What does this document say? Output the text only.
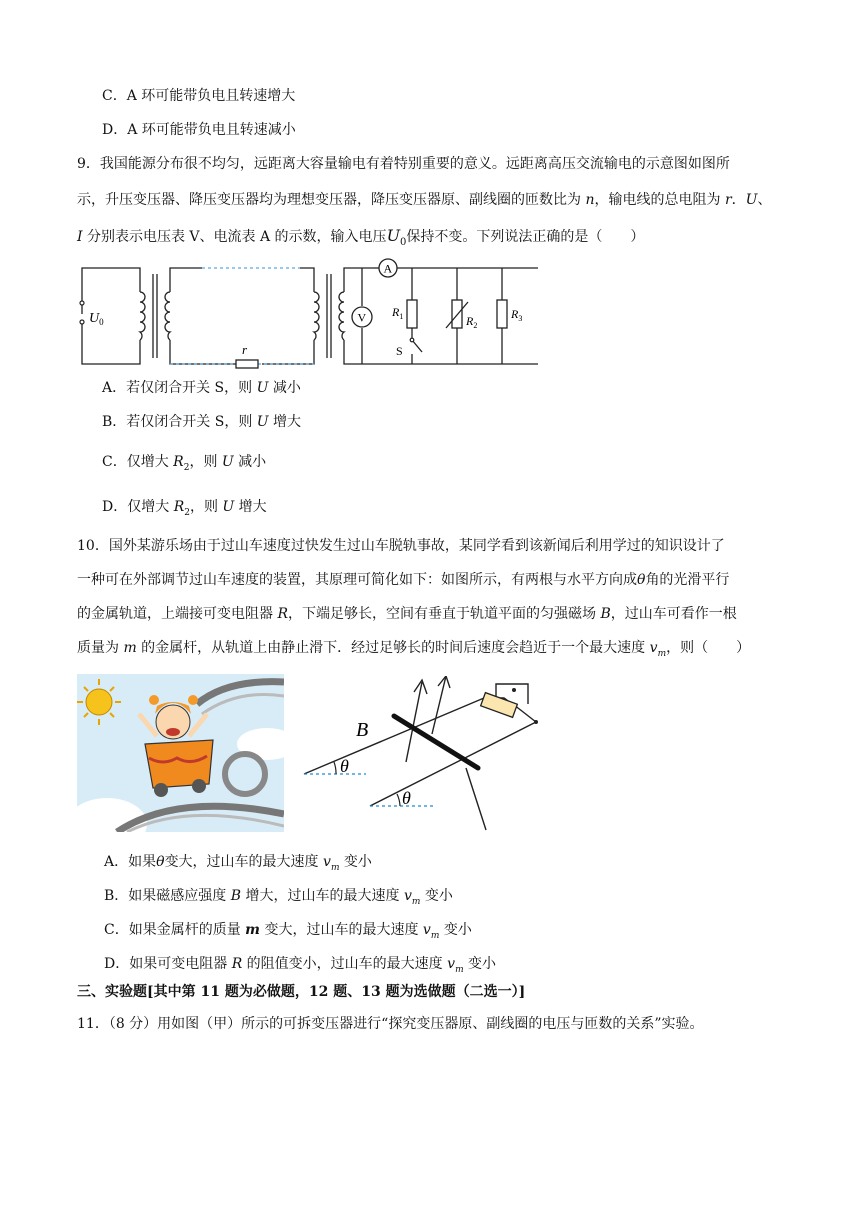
C．A 环可能带负电且转速增大
D．A 环可能带负电且转速减小
9．我国能源分布很不均匀，远距离大容量输电有着特别重要的意义。远距离高压交流输电的示意图如图所
示，升压变压器、降压变压器均为理想变压器，降压变压器原、副线圈的匝数比为 n，输电线的总电阻为 r．U、
I 分别表示电压表 V、电流表 A 的示数，输入电压$U_0$保持不变。下列说法正确的是（　　）
r
$U_0$
A
V
S
$R_1$	$R_2$
$R_3$
A．若仅闭合开关 S，则 U 减小
B．若仅闭合开关 S，则 U 增大
C．仅增大 $R_2$，则 U 减小
D．仅增大 $R_2$，则 U 增大
10．国外某游乐场由于过山车速度过快发生过山车脱轨事故，某同学看到该新闻后利用学过的知识设计了
一种可在外部调节过山车速度的装置，其原理可简化如下：如图所示，有两根与水平方向成θ角的光滑平行
的金属轨道，上端接可变电阻器 R，下端足够长，空间有垂直于轨道平面的匀强磁场 B，过山车可看作一根
质量为 m 的金属杆，从轨道上由静止滑下．经过足够长的时间后速度会趋近于一个最大速度 $v_m$，则（　　）
θ
θ
B
A．如果θ变大，过山车的最大速度 $v_m$ 变小
B．如果磁感应强度 B 增大，过山车的最大速度 $v_m$ 变小
C．如果金属杆的质量 m 变大，过山车的最大速度 $v_m$ 变小
D．如果可变电阻器 R 的阻值变小，过山车的最大速度 $v_m$ 变小
三、实验题[其中第 11 题为必做题，12 题、13 题为选做题（二选一）]
11．（8 分）用如图（甲）所示的可拆变压器进行“探究变压器原、副线圈的电压与匝数的关系”实验。
